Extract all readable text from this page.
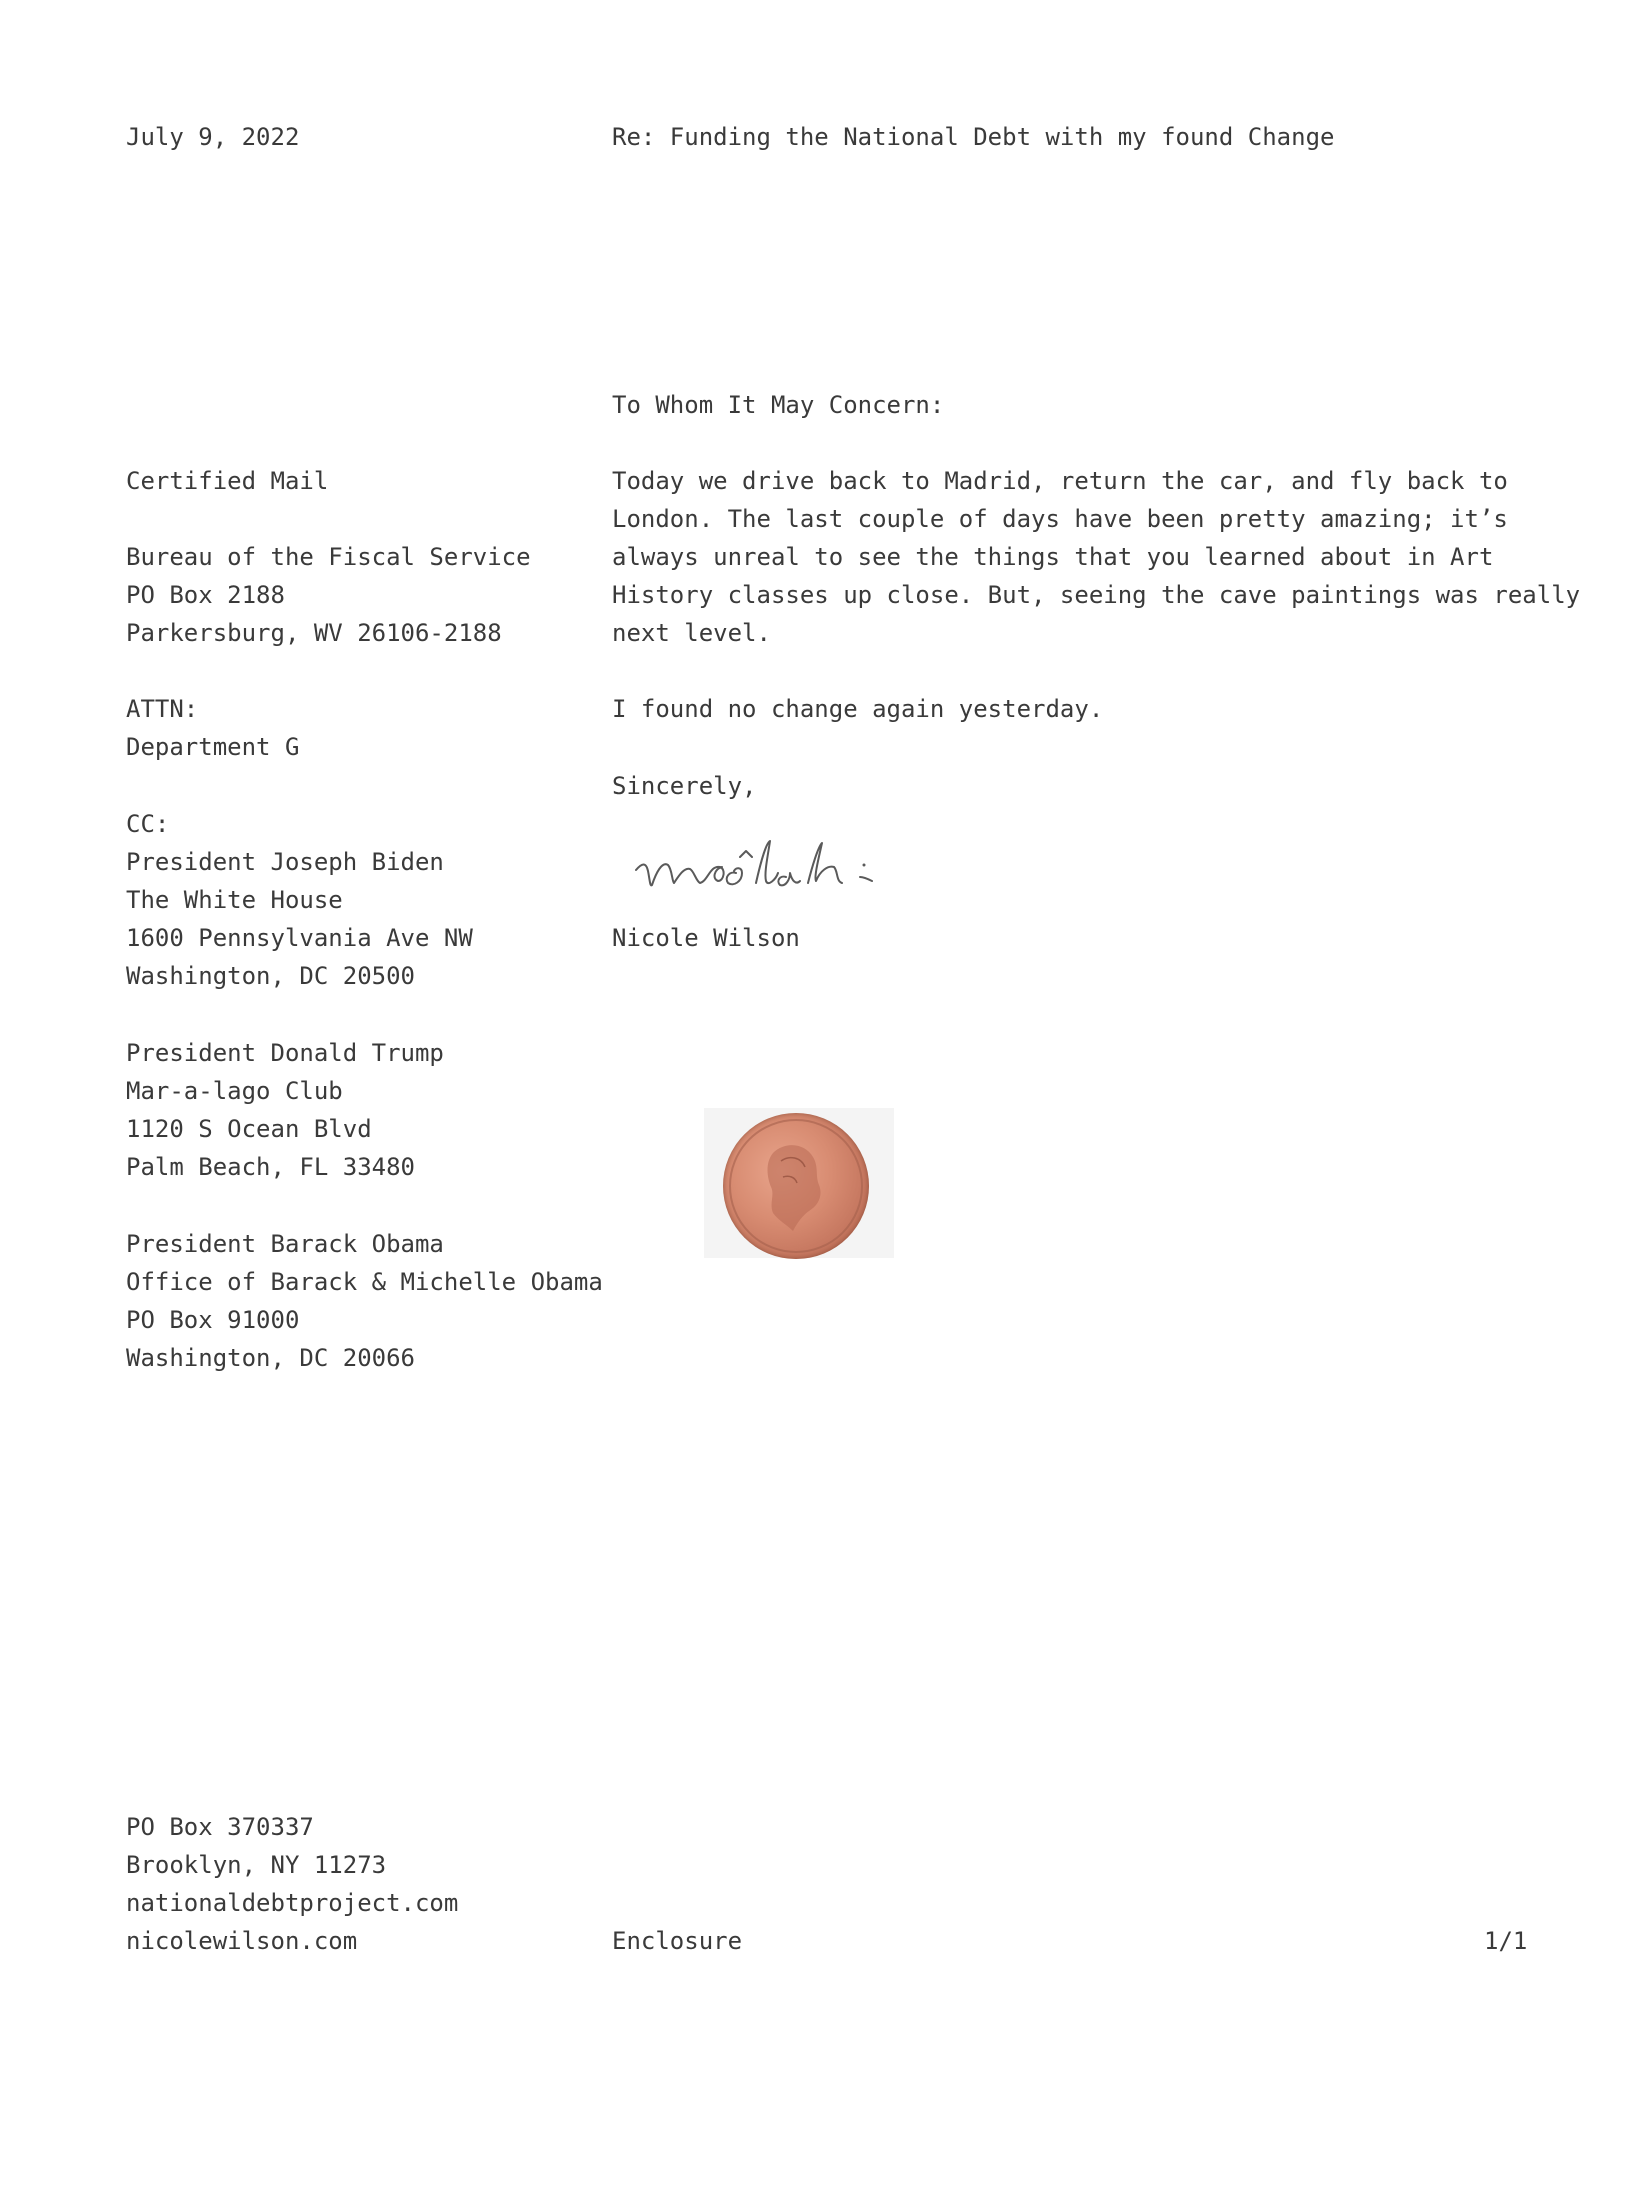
July 9, 2022	Re: Funding the National Debt with my found Change
To Whom It May Concern:
Certified Mail
Bureau of the Fiscal Service
PO Box 2188
Parkersburg, WV 26106-2188
ATTN:
Department G
CC:
President Joseph Biden
The White House
1600 Pennsylvania Ave NW
Washington, DC 20500
President Donald Trump
Mar-a-lago Club
1120 S Ocean Blvd
Palm Beach, FL 33480
President Barack Obama
Office of Barack & Michelle Obama
PO Box 91000
Washington, DC 20066
Today we drive back to Madrid, return the car, and fly back to
London. The last couple of days have been pretty amazing; it’s
always unreal to see the things that you learned about in Art
History classes up close. But, seeing the cave paintings was really
next level.
I found no change again yesterday.
Sincerely,
Nicole Wilson
PO Box 370337
Brooklyn, NY 11273
nationaldebtproject.com
nicolewilson.com	Enclosure	1/1
